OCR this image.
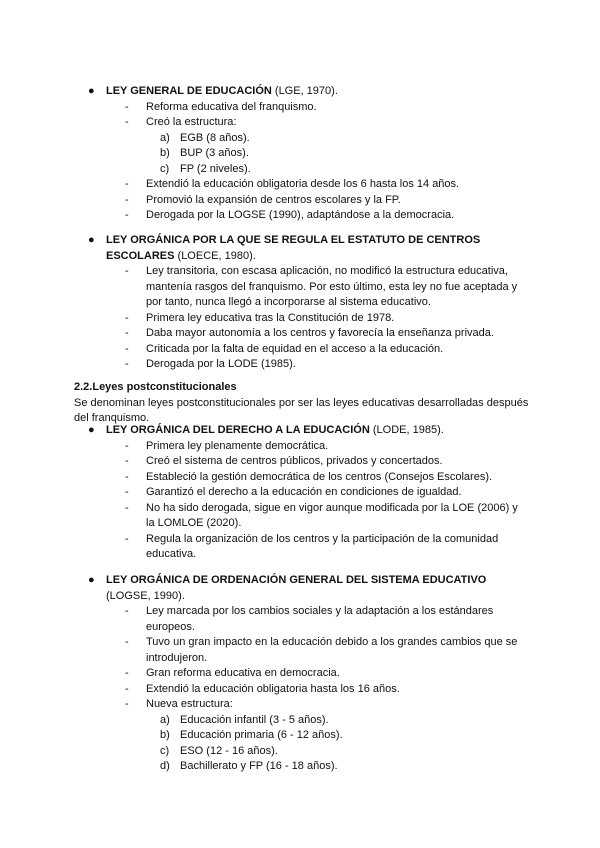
● LEY GENERAL DE EDUCACIÓN (LGE, 1970).
- Reforma educativa del franquismo.
- Creó la estructura:
a) EGB (8 años).
b) BUP (3 años).
c) FP (2 niveles).
- Extendió la educación obligatoria desde los 6 hasta los 14 años.
- Promovió la expansión de centros escolares y la FP.
- Derogada por la LOGSE (1990), adaptándose a la democracia.
● LEY ORGÁNICA POR LA QUE SE REGULA EL ESTATUTO DE CENTROS ESCOLARES (LOECE, 1980).
- Ley transitoria, con escasa aplicación, no modificó la estructura educativa, mantenía rasgos del franquismo. Por esto último, esta ley no fue aceptada y por tanto, nunca llegó a incorporarse al sistema educativo.
- Primera ley educativa tras la Constitución de 1978.
- Daba mayor autonomía a los centros y favorecía la enseñanza privada.
- Criticada por la falta de equidad en el acceso a la educación.
- Derogada por la LODE (1985).
2.2.Leyes postconstitucionales
Se denominan leyes postconstitucionales por ser las leyes educativas desarrolladas después del franquismo.
● LEY ORGÁNICA DEL DERECHO A LA EDUCACIÓN (LODE, 1985).
- Primera ley plenamente democrática.
- Creó el sistema de centros públicos, privados y concertados.
- Estableció la gestión democrática de los centros (Consejos Escolares).
- Garantizó el derecho a la educación en condiciones de igualdad.
- No ha sido derogada, sigue en vigor aunque modificada por la LOE (2006) y la LOMLOE (2020).
- Regula la organización de los centros y la participación de la comunidad educativa.
● LEY ORGÁNICA DE ORDENACIÓN GENERAL DEL SISTEMA EDUCATIVO (LOGSE, 1990).
- Ley marcada por los cambios sociales y la adaptación a los estándares europeos.
- Tuvo un gran impacto en la educación debido a los grandes cambios que se introdujeron.
- Gran reforma educativa en democracia.
- Extendió la educación obligatoria hasta los 16 años.
- Nueva estructura:
a) Educación infantil (3 - 5 años).
b) Educación primaria (6 - 12 años).
c) ESO (12 - 16 años).
d) Bachillerato y FP (16 - 18 años).
